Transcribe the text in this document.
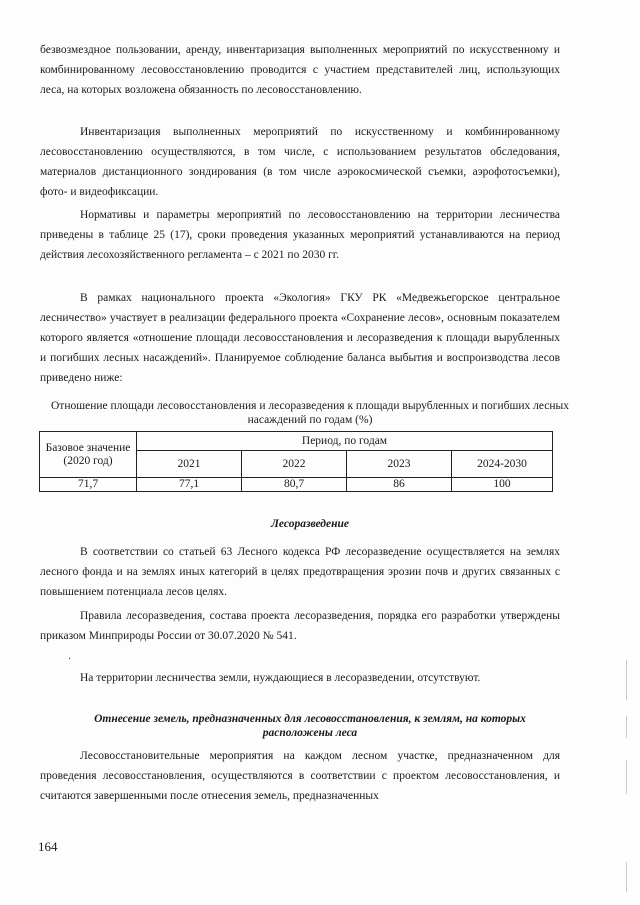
безвозмездное пользовании, аренду, инвентаризация выполненных мероприятий по искусственному и комбинированному лесовосстановлению проводится с участием представителей лиц, использующих леса, на которых возложена обязанность по лесовосстановлению.

Инвентаризация выполненных мероприятий по искусственному и комбинированному лесовосстановлению осуществляются, в том числе, с использованием результатов обследования, материалов дистанционного зондирования (в том числе аэрокосмической съемки, аэрофотосъемки), фото- и видеофиксации.

Нормативы и параметры мероприятий по лесовосстановлению на территории лесничества приведены в таблице 25 (17), сроки проведения указанных мероприятий устанавливаются на период действия лесохозяйственного регламента – с 2021 по 2030 гг.

В рамках национального проекта «Экология» ГКУ РК «Медвежьегорское центральное лесничество» участвует в реализации федерального проекта «Сохранение лесов», основным показателем которого является «отношение площади лесовосстановления и лесоразведения к площади вырубленных и погибших лесных насаждений». Планируемое соблюдение баланса выбытия и воспроизводства лесов приведено ниже:

Отношение площади лесовосстановления и лесоразведения к площади вырубленных и погибших лесных насаждений по годам (%)

Базовое значение (2020 год)	Период, по годам			
	2021	2022	2023	2024-2030
71,7	77,1	80,7	86	100

Лесоразведение

В соответствии со статьей 63 Лесного кодекса РФ лесоразведение осуществляется на землях лесного фонда и на землях иных категорий в целях предотвращения эрозии почв и других связанных с повышением потенциала лесов целях.

Правила лесоразведения, состава проекта лесоразведения, порядка его разработки утверждены приказом Минприроды России от 30.07.2020 № 541.

·

На территории лесничества земли, нуждающиеся в лесоразведении, отсутствуют.

Отнесение земель, предназначенных для лесовосстановления, к землям, на которых расположены леса

Лесовосстановительные мероприятия на каждом лесном участке, предназначенном для проведения лесовосстановления, осуществляются в соответствии с проектом лесовосстановления, и считаются завершенными после отнесения земель, предназначенных

164
